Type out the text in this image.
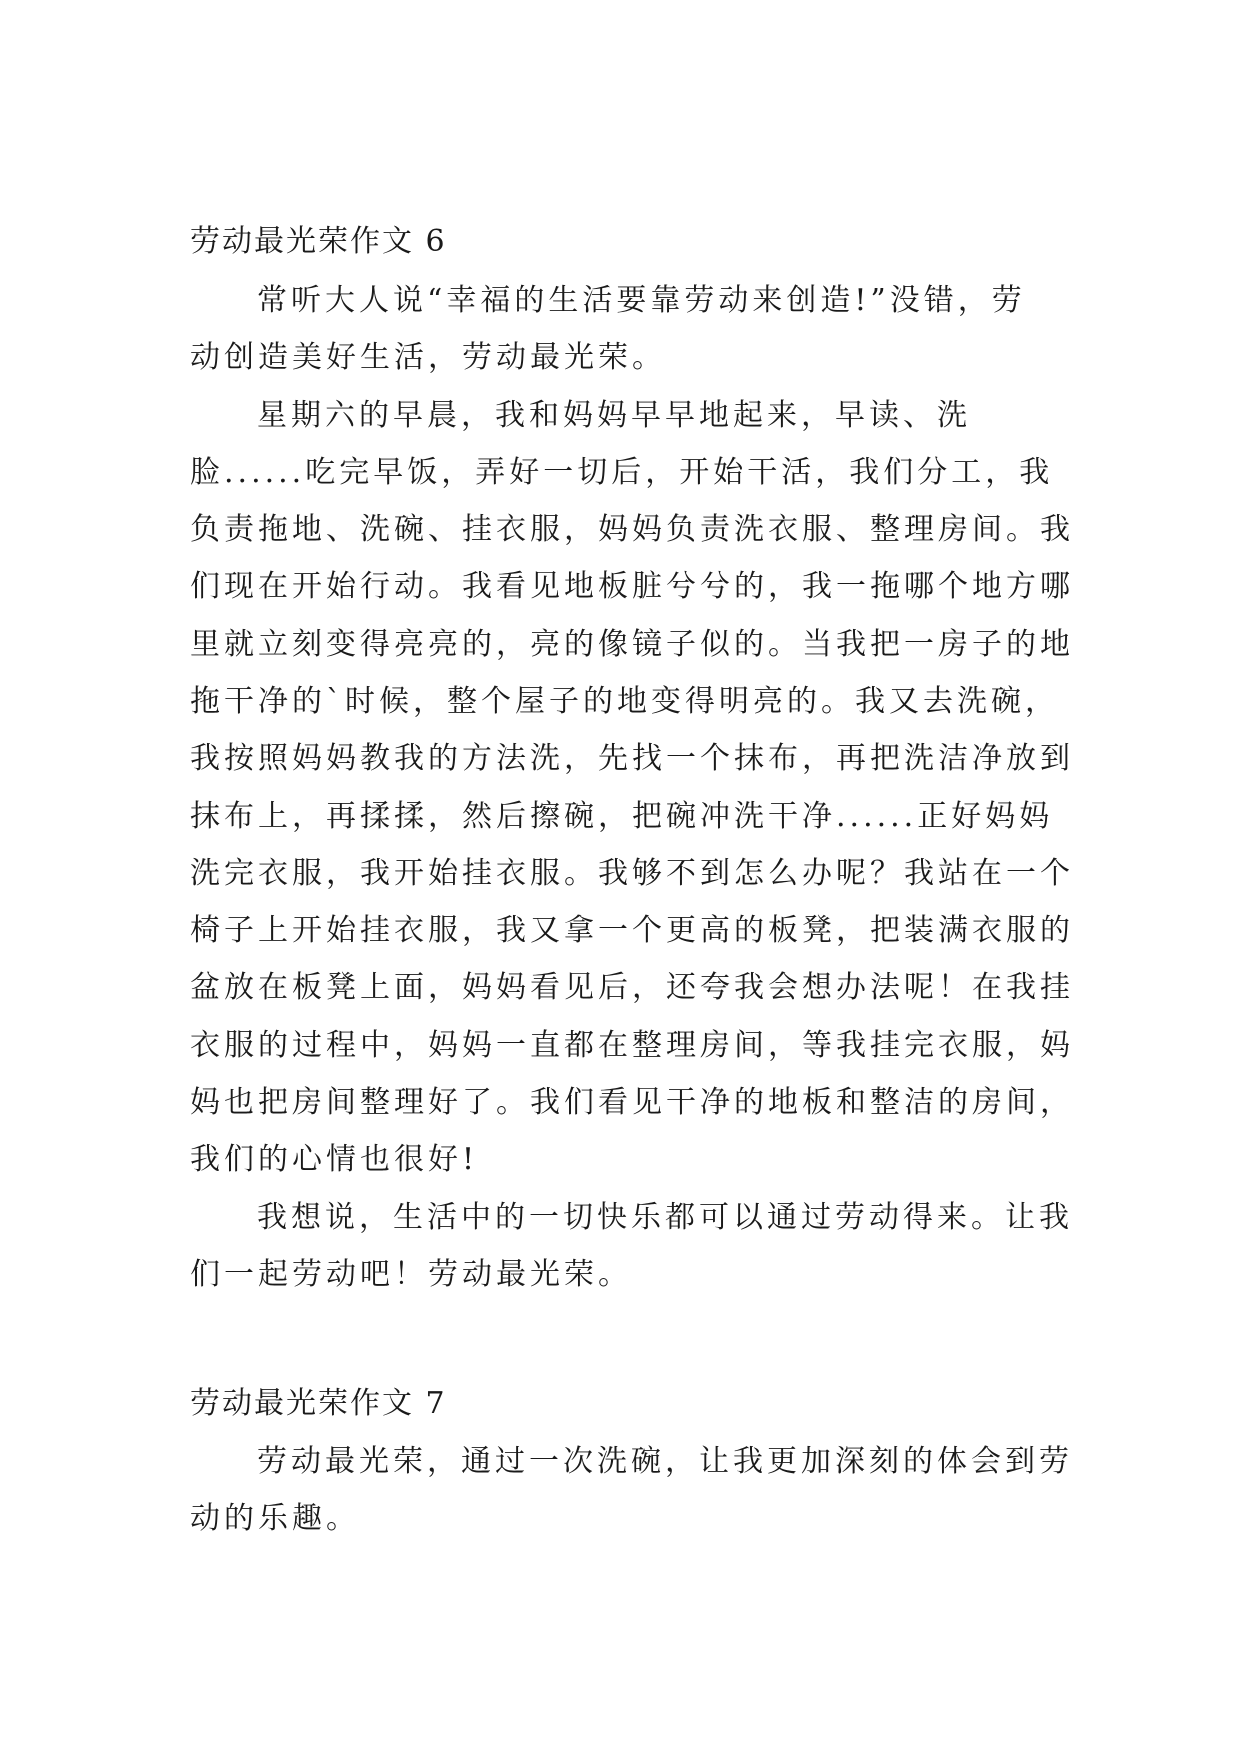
劳动最光荣作文 6
常听大人说“幸福的生活要靠劳动来创造!”没错，劳
动创造美好生活，劳动最光荣。
星期六的早晨，我和妈妈早早地起来，早读、洗
脸......吃完早饭，弄好一切后，开始干活，我们分工，我
负责拖地、洗碗、挂衣服，妈妈负责洗衣服、整理房间。我
们现在开始行动。我看见地板脏兮兮的，我一拖哪个地方哪
里就立刻变得亮亮的，亮的像镜子似的。当我把一房子的地
拖干净的`时候，整个屋子的地变得明亮的。我又去洗碗，
我按照妈妈教我的方法洗，先找一个抹布，再把洗洁净放到
抹布上，再揉揉，然后擦碗，把碗冲洗干净......正好妈妈
洗完衣服，我开始挂衣服。我够不到怎么办呢？我站在一个
椅子上开始挂衣服，我又拿一个更高的板凳，把装满衣服的
盆放在板凳上面，妈妈看见后，还夸我会想办法呢！在我挂
衣服的过程中，妈妈一直都在整理房间，等我挂完衣服，妈
妈也把房间整理好了。我们看见干净的地板和整洁的房间，
我们的心情也很好!
我想说，生活中的一切快乐都可以通过劳动得来。让我
们一起劳动吧！劳动最光荣。
劳动最光荣作文 7
劳动最光荣，通过一次洗碗，让我更加深刻的体会到劳
动的乐趣。
